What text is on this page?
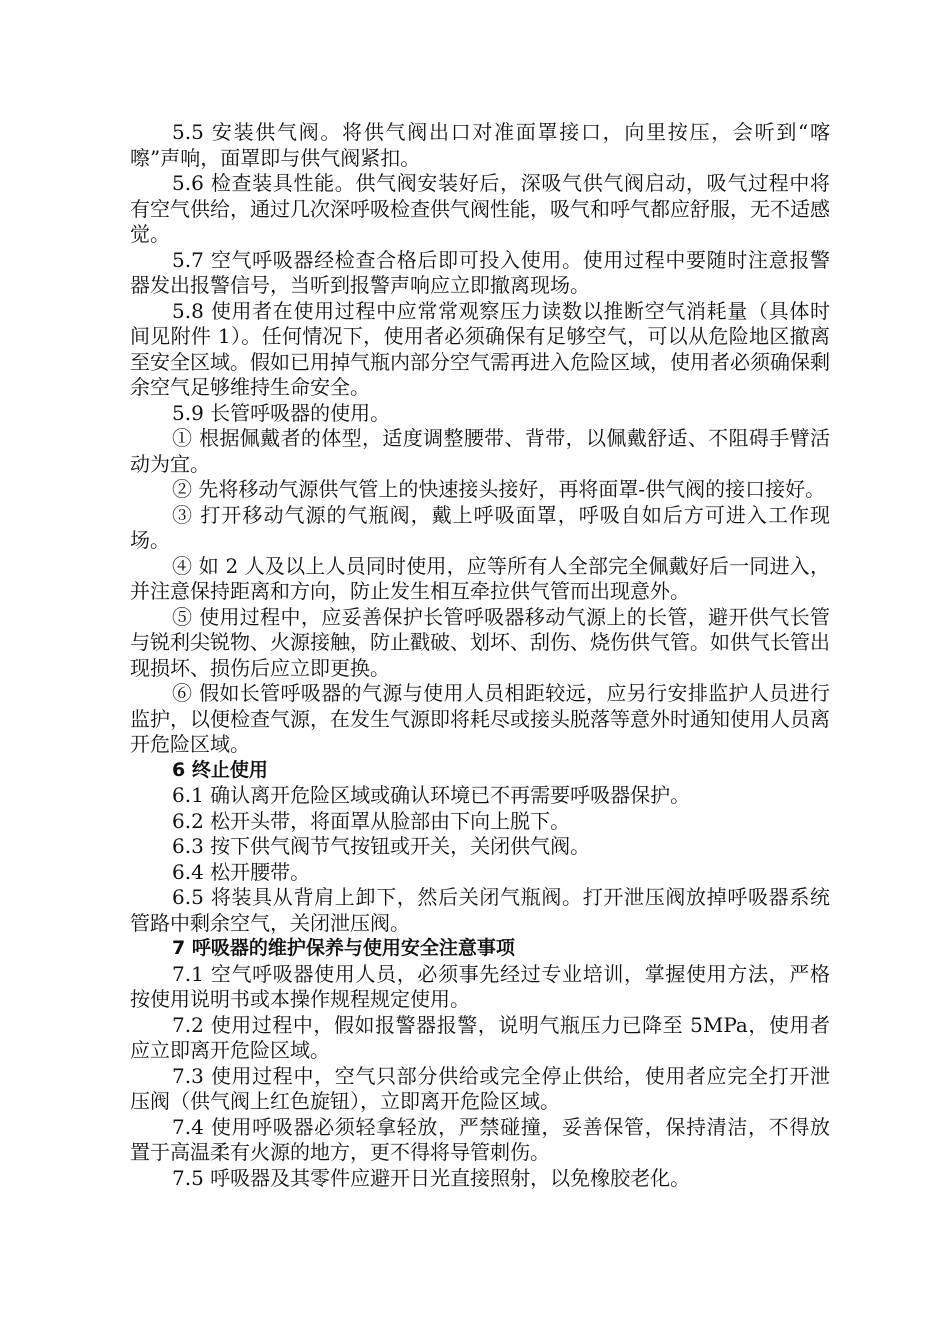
5.5 安装供气阀。将供气阀出口对准面罩接口，向里按压，会听到“喀嚓”声响，面罩即与供气阀紧扣。

5.6 检查装具性能。供气阀安装好后，深吸气供气阀启动，吸气过程中将有空气供给，通过几次深呼吸检查供气阀性能，吸气和呼气都应舒服，无不适感觉。

5.7 空气呼吸器经检查合格后即可投入使用。使用过程中要随时注意报警器发出报警信号，当听到报警声响应立即撤离现场。

5.8 使用者在使用过程中应常常观察压力读数以推断空气消耗量（具体时间见附件 1）。任何情况下，使用者必须确保有足够空气，可以从危险地区撤离至安全区域。假如已用掉气瓶内部分空气需再进入危险区域，使用者必须确保剩余空气足够维持生命安全。

5.9 长管呼吸器的使用。

① 根据佩戴者的体型，适度调整腰带、背带，以佩戴舒适、不阻碍手臂活动为宜。

② 先将移动气源供气管上的快速接头接好，再将面罩-供气阀的接口接好。

③ 打开移动气源的气瓶阀，戴上呼吸面罩，呼吸自如后方可进入工作现场。

④ 如 2 人及以上人员同时使用，应等所有人全部完全佩戴好后一同进入，并注意保持距离和方向，防止发生相互牵拉供气管而出现意外。

⑤ 使用过程中，应妥善保护长管呼吸器移动气源上的长管，避开供气长管与锐利尖锐物、火源接触，防止戳破、划坏、刮伤、烧伤供气管。如供气长管出现损坏、损伤后应立即更换。

⑥ 假如长管呼吸器的气源与使用人员相距较远，应另行安排监护人员进行监护，以便检查气源，在发生气源即将耗尽或接头脱落等意外时通知使用人员离开危险区域。

6 终止使用

6.1 确认离开危险区域或确认环境已不再需要呼吸器保护。

6.2 松开头带，将面罩从脸部由下向上脱下。

6.3 按下供气阀节气按钮或开关，关闭供气阀。

6.4 松开腰带。

6.5 将装具从背肩上卸下，然后关闭气瓶阀。打开泄压阀放掉呼吸器系统管路中剩余空气，关闭泄压阀。

7 呼吸器的维护保养与使用安全注意事项

7.1 空气呼吸器使用人员，必须事先经过专业培训，掌握使用方法，严格按使用说明书或本操作规程规定使用。

7.2 使用过程中，假如报警器报警，说明气瓶压力已降至 5MPa，使用者应立即离开危险区域。

7.3 使用过程中，空气只部分供给或完全停止供给，使用者应完全打开泄压阀（供气阀上红色旋钮），立即离开危险区域。

7.4 使用呼吸器必须轻拿轻放，严禁碰撞，妥善保管，保持清洁，不得放置于高温柔有火源的地方，更不得将导管刺伤。

7.5 呼吸器及其零件应避开日光直接照射，以免橡胶老化。
